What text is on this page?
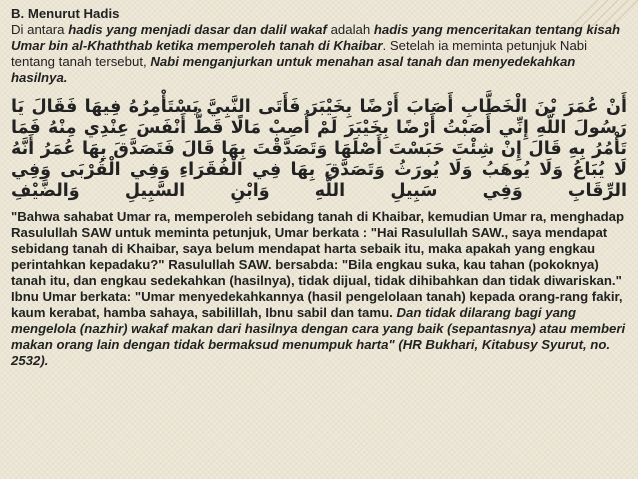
B. Menurut Hadis

Di antara hadis yang menjadi dasar dan dalil wakaf adalah hadis yang menceritakan tentang kisah Umar bin al-Khaththab ketika memperoleh tanah di Khaibar. Setelah ia meminta petunjuk Nabi tentang tanah tersebut, Nabi menganjurkan untuk menahan asal tanah dan menyedekahkan hasilnya.

أَنْ عُمَرَ بْنَ الْخَطَّابِ أَصَابَ أَرْضًا بِخَيْبَرَ فَأَتَى النَّبِيَّ يَسْتَأْمِرُهُ فِيهَا فَقَالَ يَا رَسُولَ اللَّهِ إِنِّي أَصَبْتُ أَرْضًا بِخَيْبَرَ لَمْ أُصِبْ مَالًا قَطُّ أَنْفَسَ عِنْدِي مِنْهُ فَمَا تَأْمُرُ بِهِ قَالَ إِنْ شِئْتَ حَبَسْتَ أَصْلَهَا وَتَصَدَّقْتَ بِهَا قَالَ فَتَصَدَّقَ بِهَا عُمَرُ أَنَّهُ لَا يُبَاعُ وَلَا يُوهَبُ وَلَا يُورَثُ وَتَصَدَّقَ بِهَا فِي الْفُقَرَاءِ وَفِي الْقُرْبَى وَفِي الرِّقَابِ وَفِي سَبِيلِ اللَّهِ وَابْنِ السَّبِيلِ وَالضَّيْفِ

"Bahwa sahabat Umar ra, memperoleh sebidang tanah di Khaibar, kemudian Umar ra, menghadap Rasulullah SAW untuk meminta petunjuk, Umar berkata : "Hai Rasulullah SAW., saya mendapat sebidang tanah di Khaibar, saya belum mendapat harta sebaik itu, maka apakah yang engkau perintahkan kepadaku?" Rasulullah SAW. bersabda: "Bila engkau suka, kau tahan (pokoknya) tanah itu, dan engkau sedekahkan (hasilnya), tidak dijual, tidak dihibahkan dan tidak diwariskan." Ibnu Umar berkata: "Umar menyedekahkannya (hasil pengelolaan tanah) kepada orang-rang fakir, kaum kerabat, hamba sahaya, sabilillah, Ibnu sabil dan tamu. Dan tidak dilarang bagi yang mengelola (nazhir) wakaf makan dari hasilnya dengan cara yang baik (sepantasnya) atau memberi makan orang lain dengan tidak bermaksud menumpuk harta" (HR Bukhari, Kitabusy Syurut, no. 2532).
